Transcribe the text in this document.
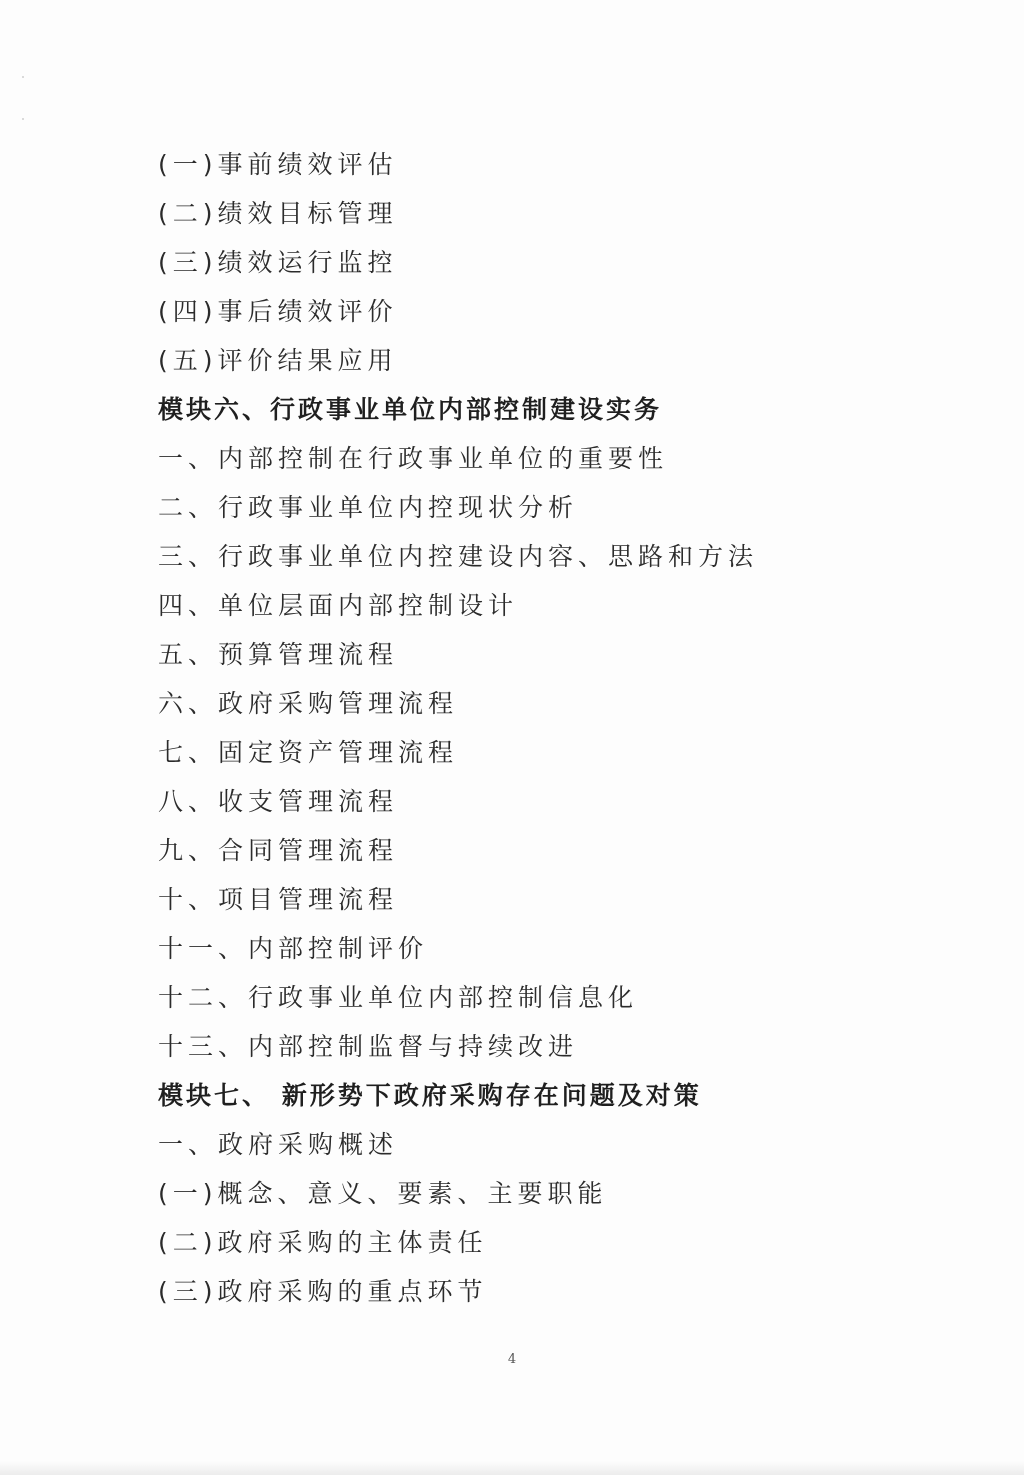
(一)事前绩效评估
(二)绩效目标管理
(三)绩效运行监控
(四)事后绩效评价
(五)评价结果应用
模块六、行政事业单位内部控制建设实务
一、内部控制在行政事业单位的重要性
二、行政事业单位内控现状分析
三、行政事业单位内控建设内容、思路和方法
四、单位层面内部控制设计
五、预算管理流程
六、政府采购管理流程
七、固定资产管理流程
八、收支管理流程
九、合同管理流程
十、项目管理流程
十一、内部控制评价
十二、行政事业单位内部控制信息化
十三、内部控制监督与持续改进
模块七、 新形势下政府采购存在问题及对策
一、政府采购概述
(一)概念、意义、要素、主要职能
(二)政府采购的主体责任
(三)政府采购的重点环节
4
